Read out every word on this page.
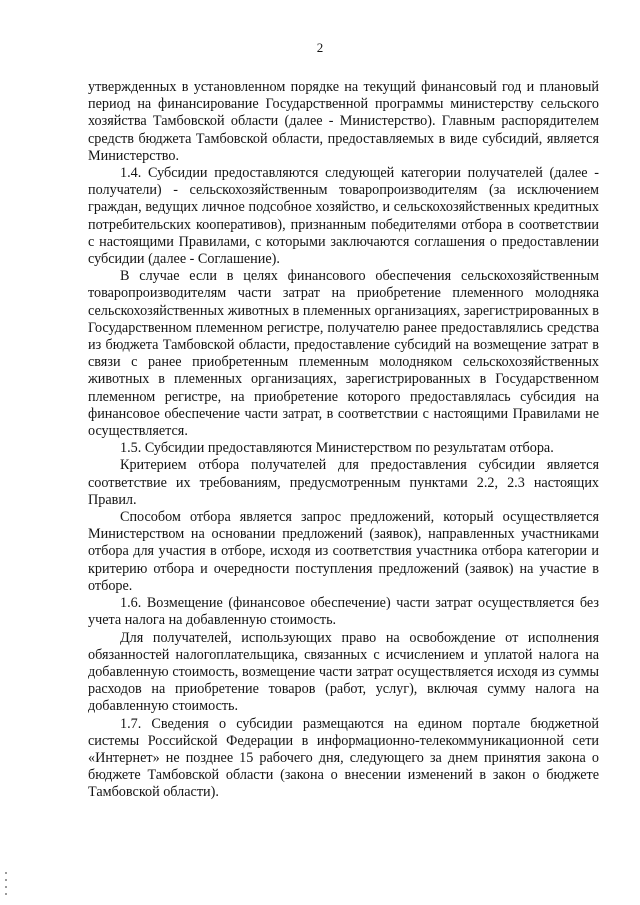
2

утвержденных в установленном порядке на текущий финансовый год и плановый период на финансирование Государственной программы министерству сельского хозяйства Тамбовской области (далее - Министерство). Главным распорядителем средств бюджета Тамбовской области, предоставляемых в виде субсидий, является Министерство.

1.4. Субсидии предоставляются следующей категории получателей (далее - получатели) - сельскохозяйственным товаропроизводителям (за исключением граждан, ведущих личное подсобное хозяйство, и сельскохозяйственных кредитных потребительских кооперативов), признанным победителями отбора в соответствии с настоящими Правилами, с которыми заключаются соглашения о предоставлении субсидии (далее - Соглашение).

В случае если в целях финансового обеспечения сельскохозяйственным товаропроизводителям части затрат на приобретение племенного молодняка сельскохозяйственных животных в племенных организациях, зарегистрированных в Государственном племенном регистре, получателю ранее предоставлялись средства из бюджета Тамбовской области, предоставление субсидий на возмещение затрат в связи с ранее приобретенным племенным молодняком сельскохозяйственных животных в племенных организациях, зарегистрированных в Государственном племенном регистре, на приобретение которого предоставлялась субсидия на финансовое обеспечение части затрат, в соответствии с настоящими Правилами не осуществляется.

1.5. Субсидии предоставляются Министерством по результатам отбора.

Критерием отбора получателей для предоставления субсидии является соответствие их требованиям, предусмотренным пунктами 2.2, 2.3 настоящих Правил.

Способом отбора является запрос предложений, который осуществляется Министерством на основании предложений (заявок), направленных участниками отбора для участия в отборе, исходя из соответствия участника отбора категории и критерию отбора и очередности поступления предложений (заявок) на участие в отборе.

1.6. Возмещение (финансовое обеспечение) части затрат осуществляется без учета налога на добавленную стоимость.

Для получателей, использующих право на освобождение от исполнения обязанностей налогоплательщика, связанных с исчислением и уплатой налога на добавленную стоимость, возмещение части затрат осуществляется исходя из суммы расходов на приобретение товаров (работ, услуг), включая сумму налога на добавленную стоимость.

1.7. Сведения о субсидии размещаются на едином портале бюджетной системы Российской Федерации в информационно-телекоммуникационной сети «Интернет» не позднее 15 рабочего дня, следующего за днем принятия закона о бюджете Тамбовской области (закона о внесении изменений в закон о бюджете Тамбовской области).
